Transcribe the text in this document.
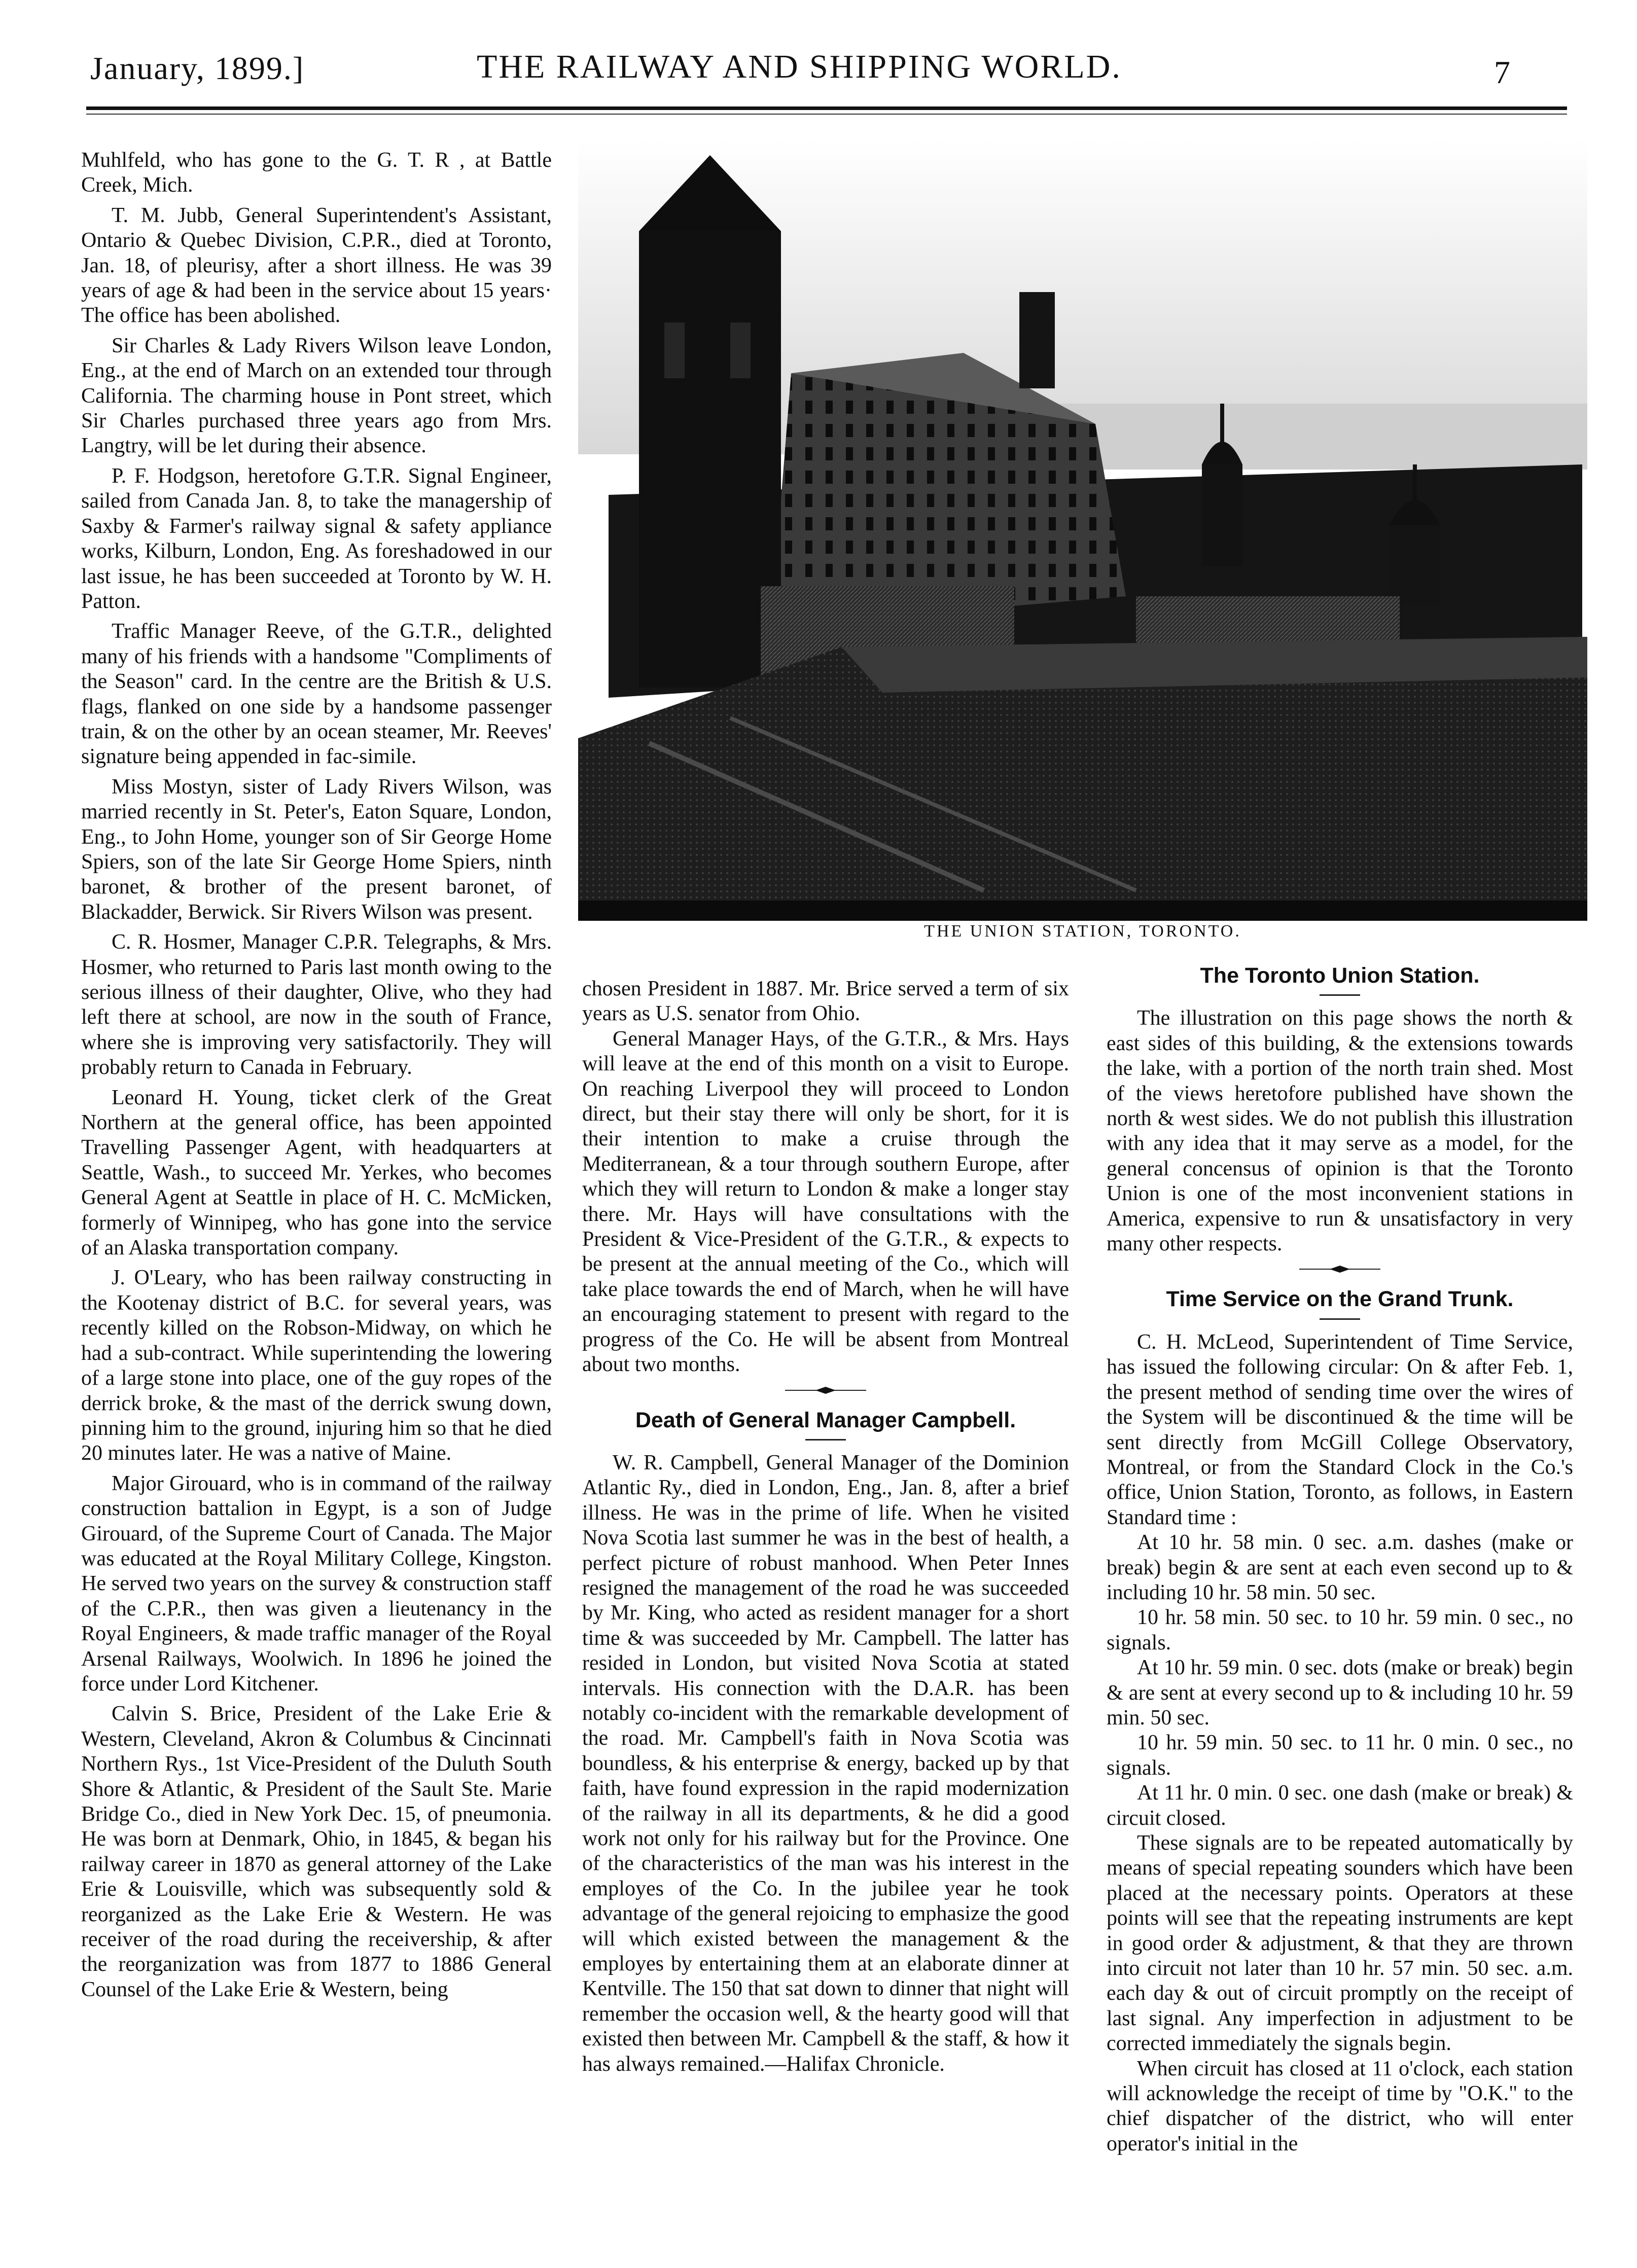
January, 1899.]	THE RAILWAY AND SHIPPING WORLD.	7

Muhlfeld, who has gone to the G. T. R , at Battle Creek, Mich.

T. M. Jubb, General Superintendent's Assistant, Ontario & Quebec Division, C.P.R., died at Toronto, Jan. 18, of pleurisy, after a short illness. He was 39 years of age & had been in the service about 15 years· The office has been abolished.

Sir Charles & Lady Rivers Wilson leave London, Eng., at the end of March on an extended tour through California. The charming house in Pont street, which Sir Charles purchased three years ago from Mrs. Langtry, will be let during their absence.

P. F. Hodgson, heretofore G.T.R. Signal Engineer, sailed from Canada Jan. 8, to take the managership of Saxby & Farmer's railway signal & safety appliance works, Kilburn, London, Eng. As foreshadowed in our last issue, he has been succeeded at Toronto by W. H. Patton.

Traffic Manager Reeve, of the G.T.R., delighted many of his friends with a handsome "Compliments of the Season" card. In the centre are the British & U.S. flags, flanked on one side by a handsome passenger train, & on the other by an ocean steamer, Mr. Reeves' signature being appended in fac-simile.

Miss Mostyn, sister of Lady Rivers Wilson, was married recently in St. Peter's, Eaton Square, London, Eng., to John Home, younger son of Sir George Home Spiers, son of the late Sir George Home Spiers, ninth baronet, & brother of the present baronet, of Blackadder, Berwick. Sir Rivers Wilson was present.

C. R. Hosmer, Manager C.P.R. Telegraphs, & Mrs. Hosmer, who returned to Paris last month owing to the serious illness of their daughter, Olive, who they had left there at school, are now in the south of France, where she is improving very satisfactorily. They will probably return to Canada in February.

Leonard H. Young, ticket clerk of the Great Northern at the general office, has been appointed Travelling Passenger Agent, with headquarters at Seattle, Wash., to succeed Mr. Yerkes, who becomes General Agent at Seattle in place of H. C. McMicken, formerly of Winnipeg, who has gone into the service of an Alaska transportation company.

J. O'Leary, who has been railway constructing in the Kootenay district of B.C. for several years, was recently killed on the Robson-Midway, on which he had a sub-contract. While superintending the lowering of a large stone into place, one of the guy ropes of the derrick broke, & the mast of the derrick swung down, pinning him to the ground, injuring him so that he died 20 minutes later. He was a native of Maine.

Major Girouard, who is in command of the railway construction battalion in Egypt, is a son of Judge Girouard, of the Supreme Court of Canada. The Major was educated at the Royal Military College, Kingston. He served two years on the survey & construction staff of the C.P.R., then was given a lieutenancy in the Royal Engineers, & made traffic manager of the Royal Arsenal Railways, Woolwich. In 1896 he joined the force under Lord Kitchener.

Calvin S. Brice, President of the Lake Erie & Western, Cleveland, Akron & Columbus & Cincinnati Northern Rys., 1st Vice-President of the Duluth South Shore & Atlantic, & President of the Sault Ste. Marie Bridge Co., died in New York Dec. 15, of pneumonia. He was born at Denmark, Ohio, in 1845, & began his railway career in 1870 as general attorney of the Lake Erie & Louisville, which was subsequently sold & reorganized as the Lake Erie & Western. He was receiver of the road during the receivership, & after the reorganization was from 1877 to 1886 General Counsel of the Lake Erie & Western, being

THE UNION STATION, TORONTO.

chosen President in 1887. Mr. Brice served a term of six years as U.S. senator from Ohio.

General Manager Hays, of the G.T.R., & Mrs. Hays will leave at the end of this month on a visit to Europe. On reaching Liverpool they will proceed to London direct, but their stay there will only be short, for it is their intention to make a cruise through the Mediterranean, & a tour through southern Europe, after which they will return to London & make a longer stay there. Mr. Hays will have consultations with the President & Vice-President of the G.T.R., & expects to be present at the annual meeting of the Co., which will take place towards the end of March, when he will have an encouraging statement to present with regard to the progress of the Co. He will be absent from Montreal about two months.

Death of General Manager Campbell.

W. R. Campbell, General Manager of the Dominion Atlantic Ry., died in London, Eng., Jan. 8, after a brief illness. He was in the prime of life. When he visited Nova Scotia last summer he was in the best of health, a perfect picture of robust manhood. When Peter Innes resigned the management of the road he was succeeded by Mr. King, who acted as resident manager for a short time & was succeeded by Mr. Campbell. The latter has resided in London, but visited Nova Scotia at stated intervals. His connection with the D.A.R. has been notably co-incident with the remarkable development of the road. Mr. Campbell's faith in Nova Scotia was boundless, & his enterprise & energy, backed up by that faith, have found expression in the rapid modernization of the railway in all its departments, & he did a good work not only for his railway but for the Province. One of the characteristics of the man was his interest in the employes of the Co. In the jubilee year he took advantage of the general rejoicing to emphasize the good will which existed between the management & the employes by entertaining them at an elaborate dinner at Kentville. The 150 that sat down to dinner that night will remember the occasion well, & the hearty good will that existed then between Mr. Campbell & the staff, & how it has always remained.—Halifax Chronicle.

The Toronto Union Station.

The illustration on this page shows the north & east sides of this building, & the extensions towards the lake, with a portion of the north train shed. Most of the views heretofore published have shown the north & west sides. We do not publish this illustration with any idea that it may serve as a model, for the general concensus of opinion is that the Toronto Union is one of the most inconvenient stations in America, expensive to run & unsatisfactory in very many other respects.

Time Service on the Grand Trunk.

C. H. McLeod, Superintendent of Time Service, has issued the following circular: On & after Feb. 1, the present method of sending time over the wires of the System will be discontinued & the time will be sent directly from McGill College Observatory, Montreal, or from the Standard Clock in the Co.'s office, Union Station, Toronto, as follows, in Eastern Standard time :

At 10 hr. 58 min. 0 sec. a.m. dashes (make or break) begin & are sent at each even second up to & including 10 hr. 58 min. 50 sec.

10 hr. 58 min. 50 sec. to 10 hr. 59 min. 0 sec., no signals.

At 10 hr. 59 min. 0 sec. dots (make or break) begin & are sent at every second up to & including 10 hr. 59 min. 50 sec.

10 hr. 59 min. 50 sec. to 11 hr. 0 min. 0 sec., no signals.

At 11 hr. 0 min. 0 sec. one dash (make or break) & circuit closed.

These signals are to be repeated automatically by means of special repeating sounders which have been placed at the necessary points. Operators at these points will see that the repeating instruments are kept in good order & adjustment, & that they are thrown into circuit not later than 10 hr. 57 min. 50 sec. a.m. each day & out of circuit promptly on the receipt of last signal. Any imperfection in adjustment to be corrected immediately the signals begin.

When circuit has closed at 11 o'clock, each station will acknowledge the receipt of time by "O.K." to the chief dispatcher of the district, who will enter operator's initial in the
